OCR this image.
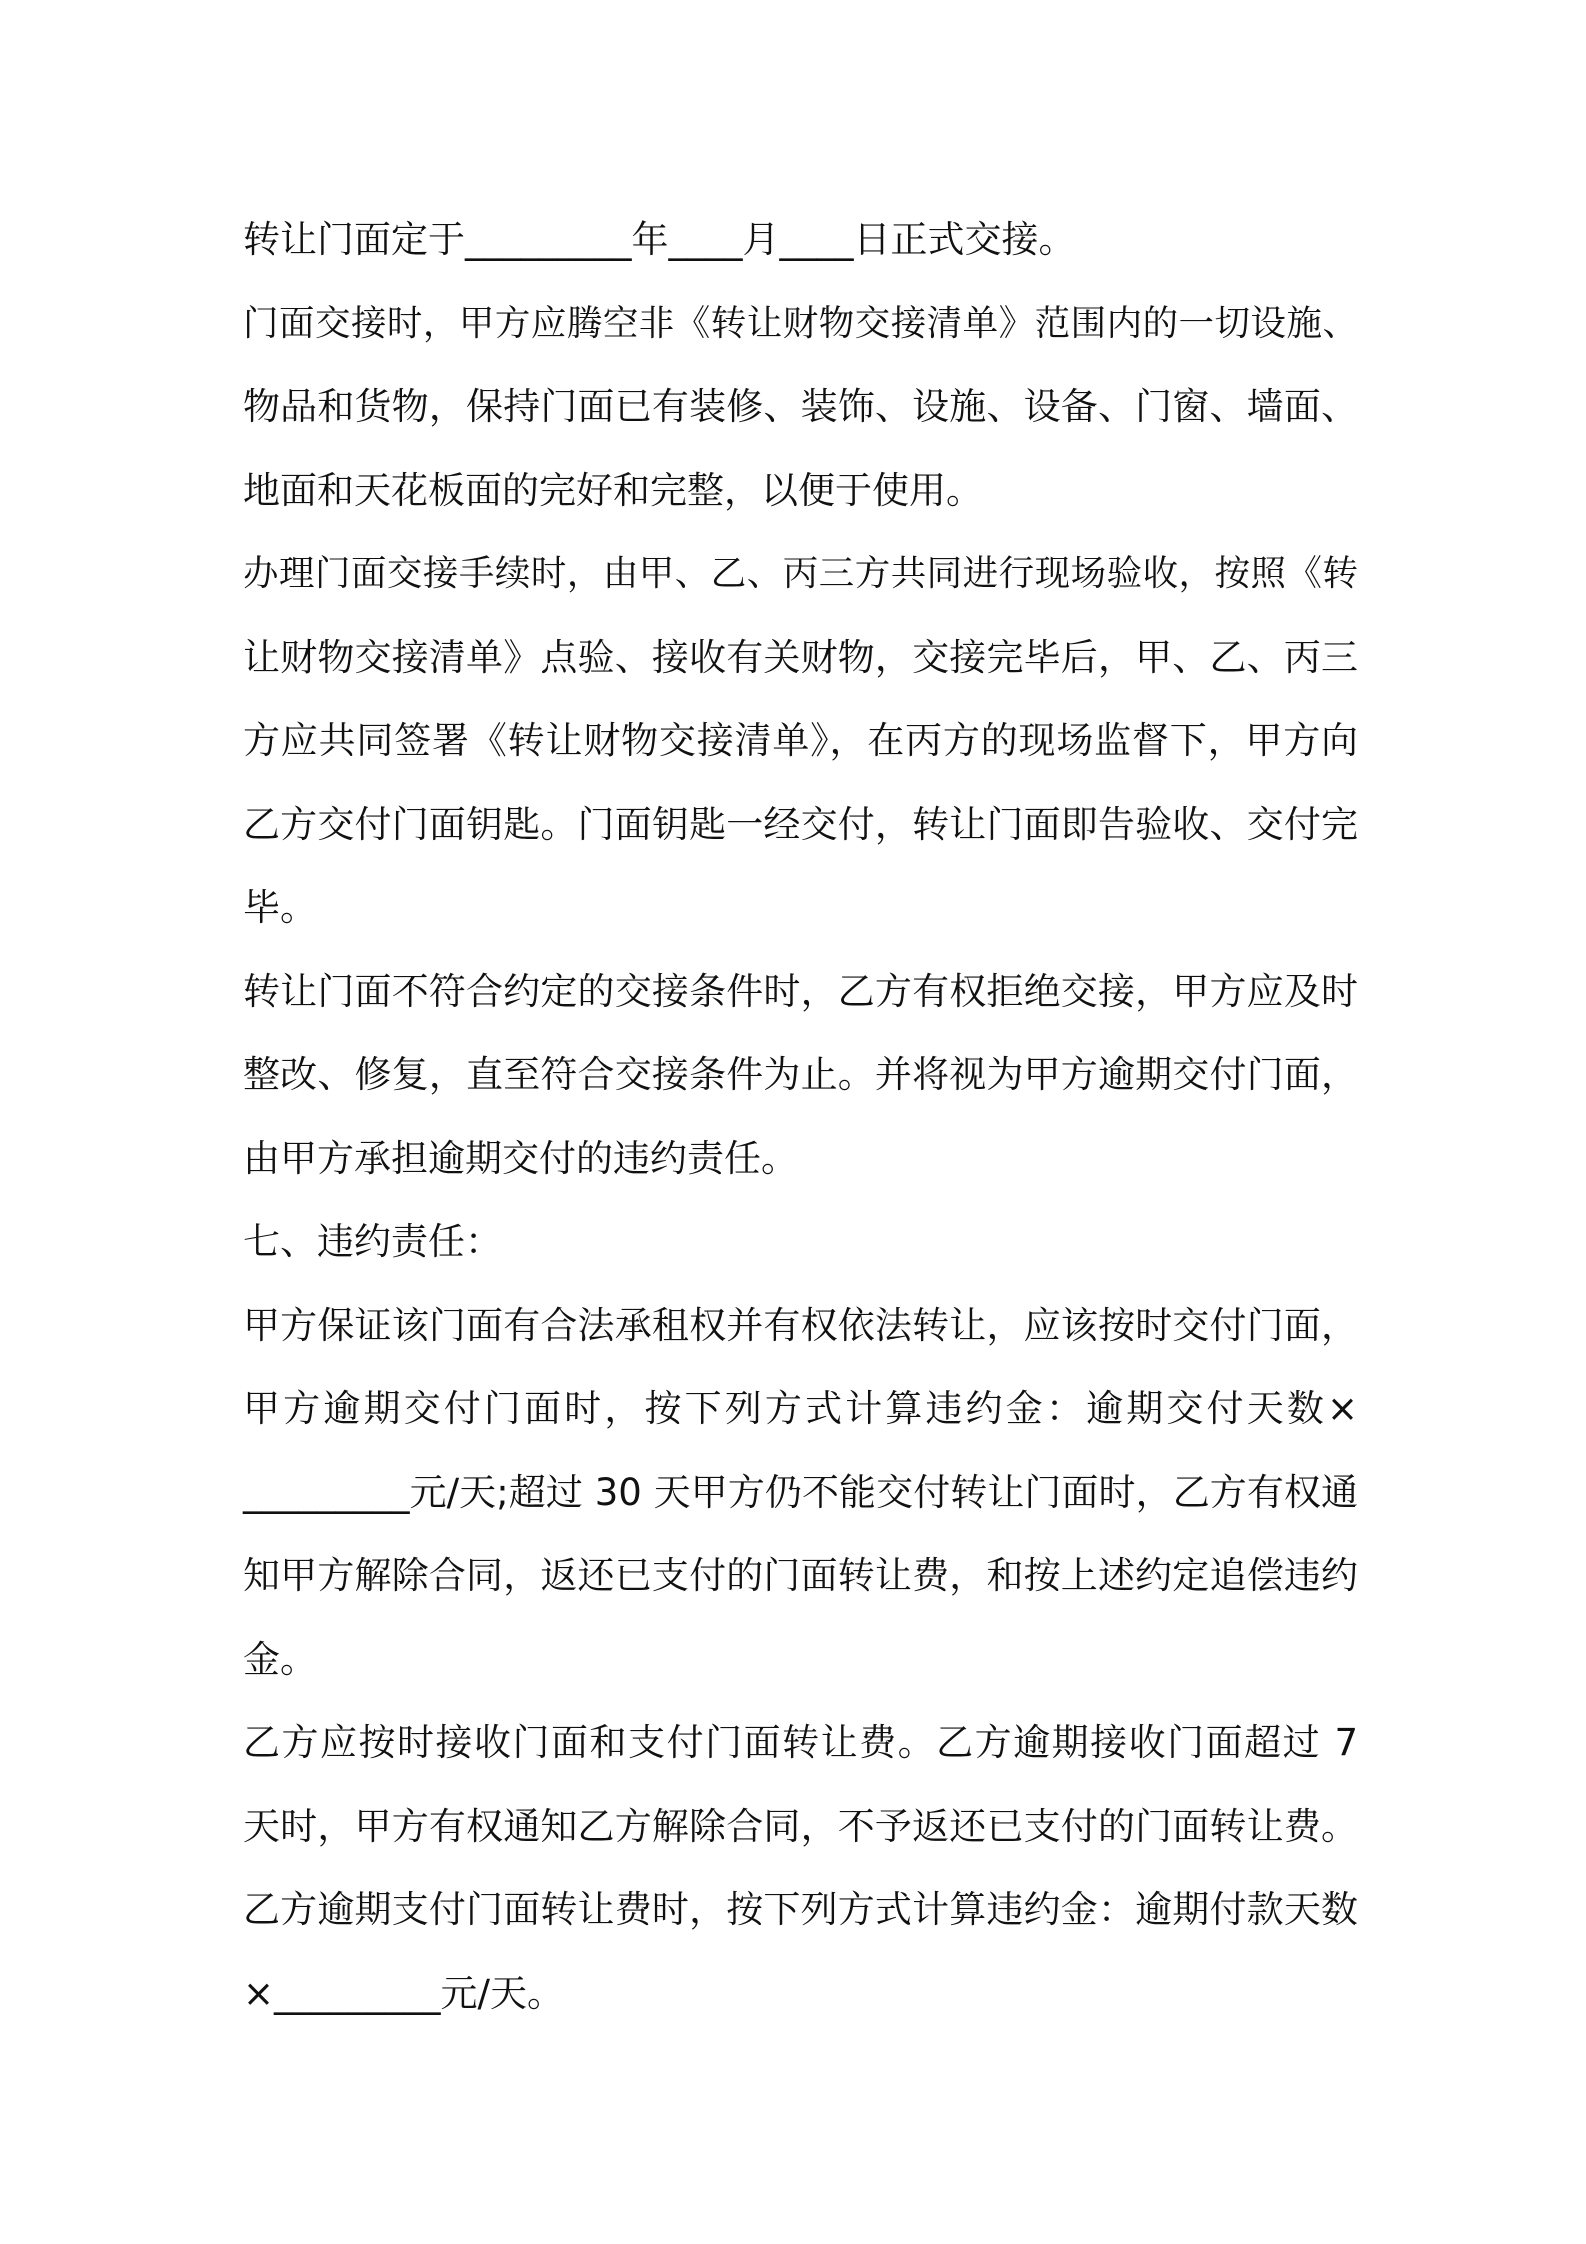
转让门面定于_________年____月____日正式交接。
门面交接时，甲方应腾空非《转让财物交接清单》范围内的一切设施、
物品和货物，保持门面已有装修、装饰、设施、设备、门窗、墙面、
地面和天花板面的完好和完整，以便于使用。
办理门面交接手续时，由甲、乙、丙三方共同进行现场验收，按照《转
让财物交接清单》点验、接收有关财物，交接完毕后，甲、乙、丙三
方应共同签署《转让财物交接清单》，在丙方的现场监督下，甲方向
乙方交付门面钥匙。门面钥匙一经交付，转让门面即告验收、交付完
毕。
转让门面不符合约定的交接条件时，乙方有权拒绝交接，甲方应及时
整改、修复，直至符合交接条件为止。并将视为甲方逾期交付门面，
由甲方承担逾期交付的违约责任。
七、违约责任：
甲方保证该门面有合法承租权并有权依法转让，应该按时交付门面，
甲方逾期交付门面时，按下列方式计算违约金：逾期交付天数×
_________元/天;超过 30 天甲方仍不能交付转让门面时，乙方有权通
知甲方解除合同，返还已支付的门面转让费，和按上述约定追偿违约
金。
乙方应按时接收门面和支付门面转让费。乙方逾期接收门面超过 7
天时，甲方有权通知乙方解除合同，不予返还已支付的门面转让费。
乙方逾期支付门面转让费时，按下列方式计算违约金：逾期付款天数
×_________元/天。
